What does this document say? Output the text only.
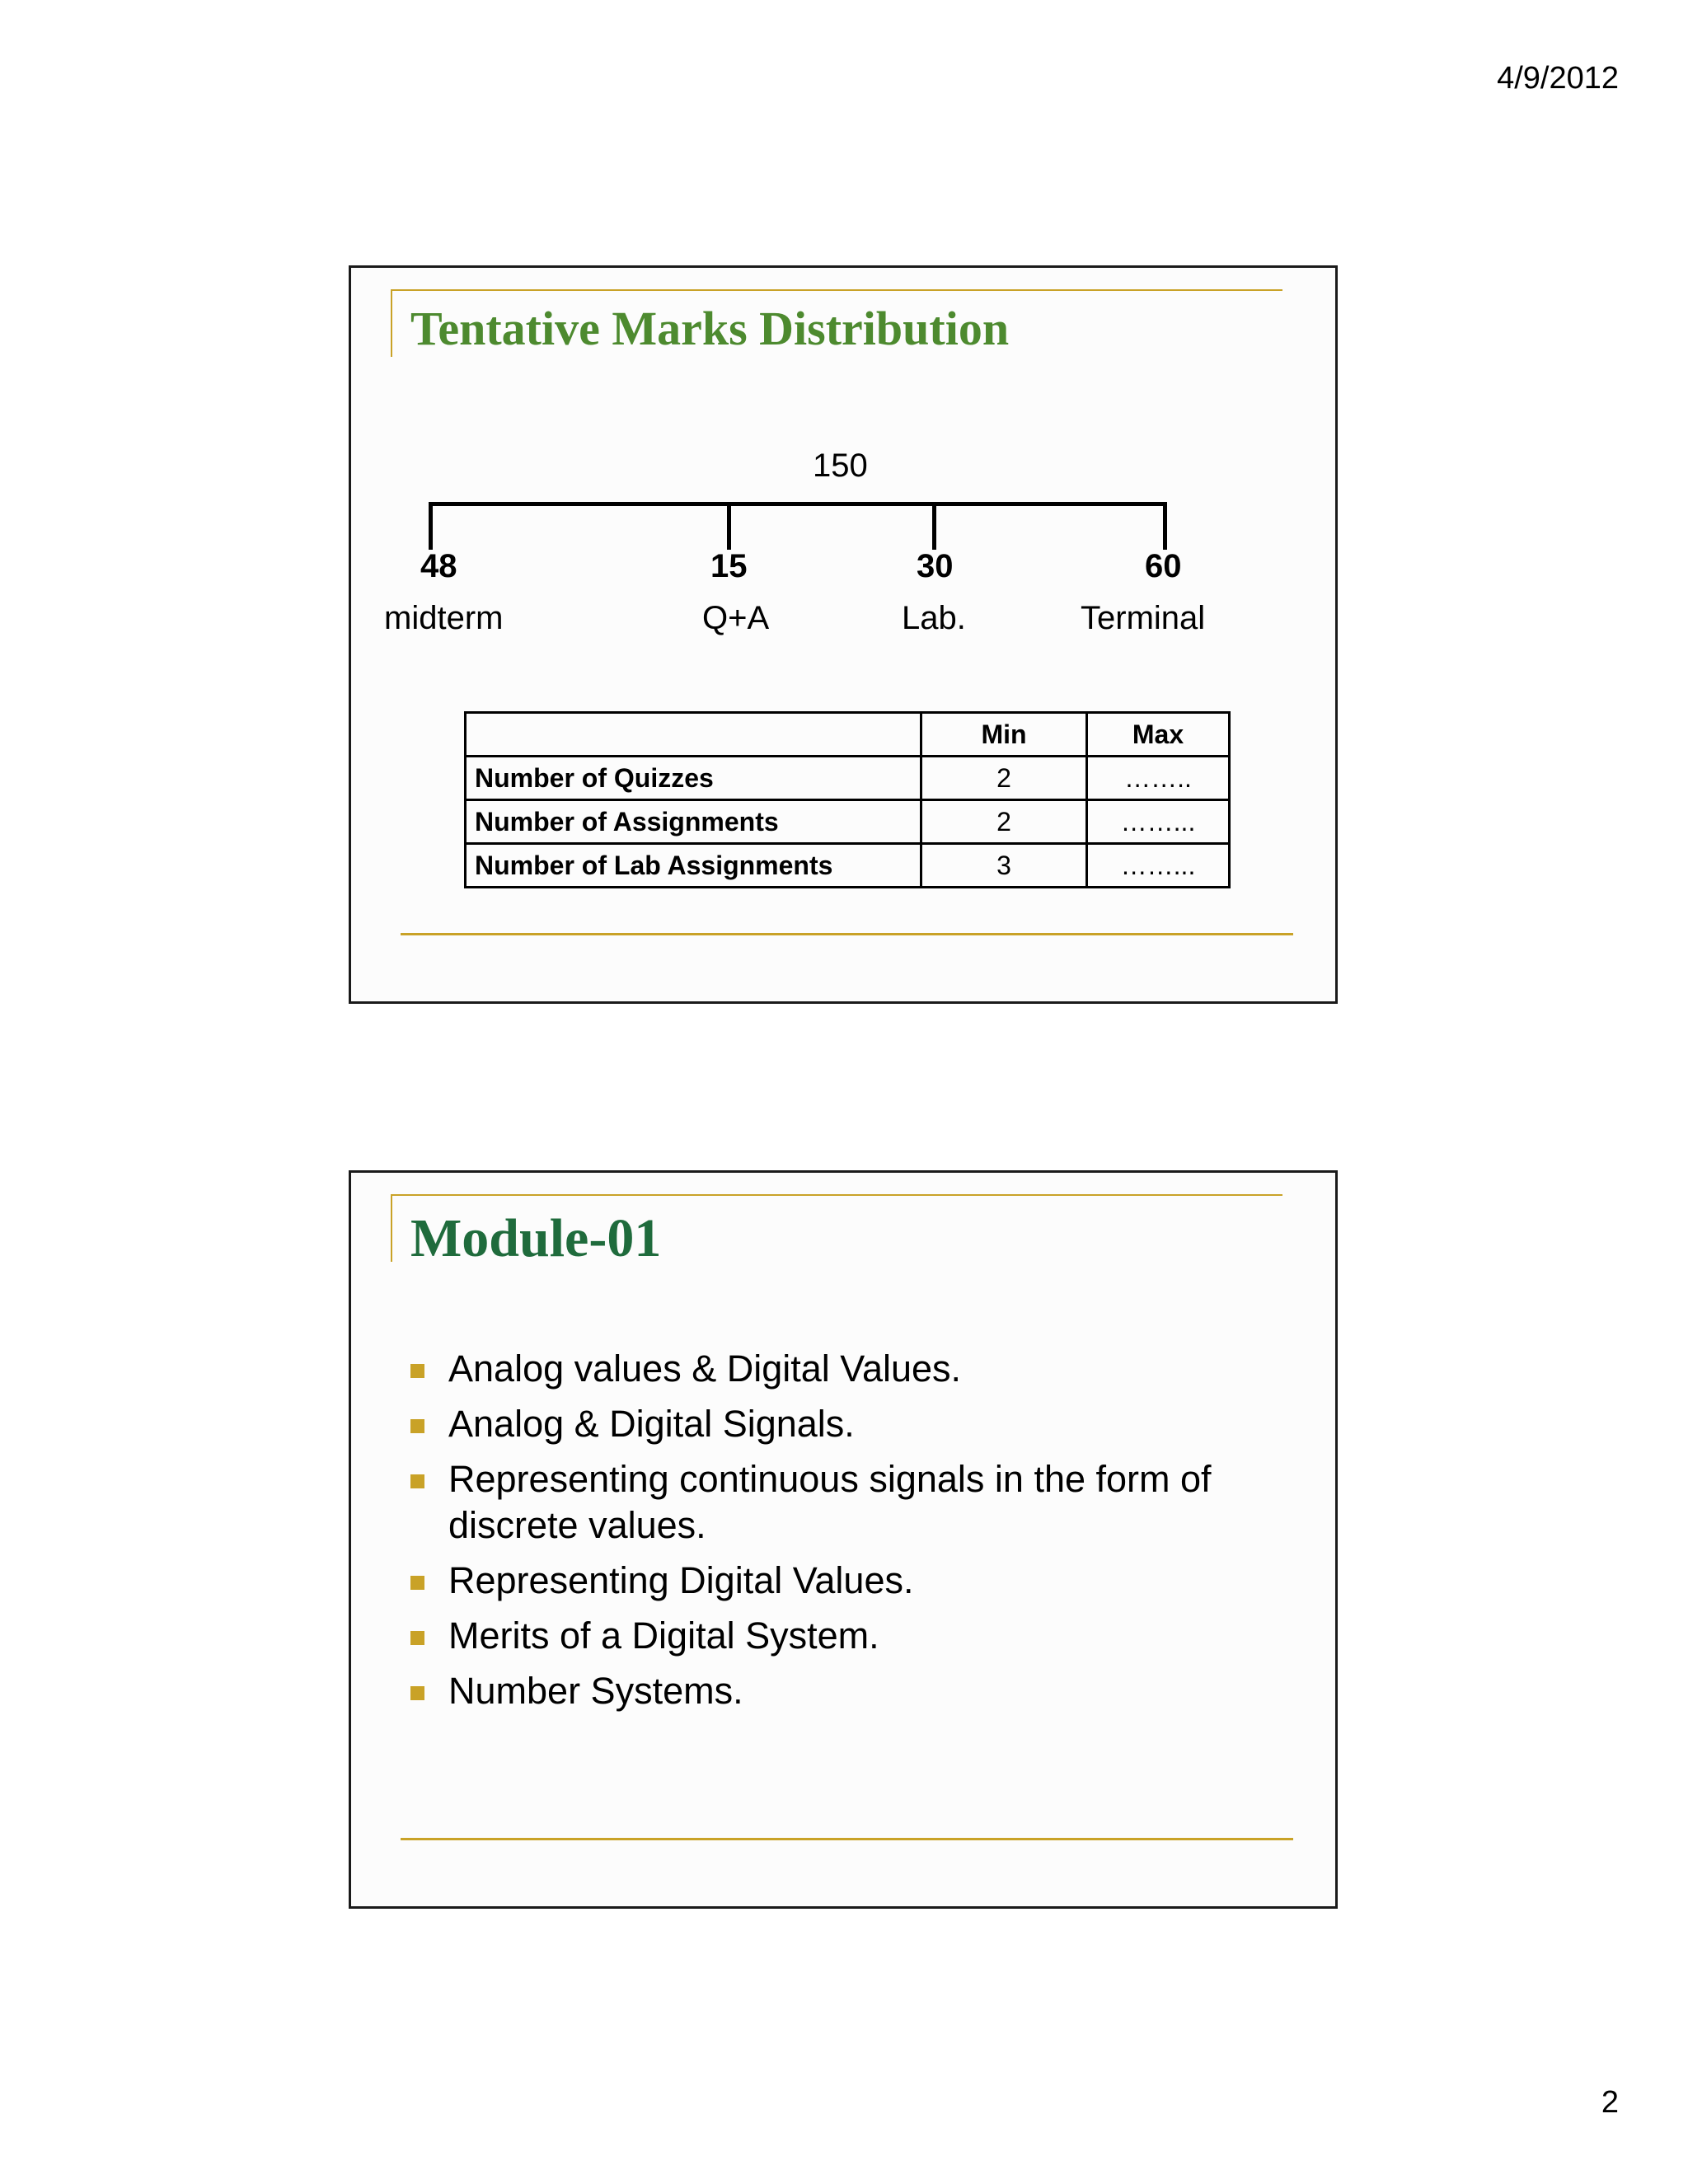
4/9/2012
Tentative Marks Distribution
150
48	15	30	60
midterm	Q+A	Lab.	Terminal
	Min	Max
Number of Quizzes	2	……..
Number of Assignments	2	……...
Number of Lab Assignments	3	……...
Module-01
Analog values & Digital Values.
Analog & Digital Signals.
Representing continuous signals in the form of discrete values.
Representing Digital Values.
Merits of a Digital System.
Number Systems.
2
